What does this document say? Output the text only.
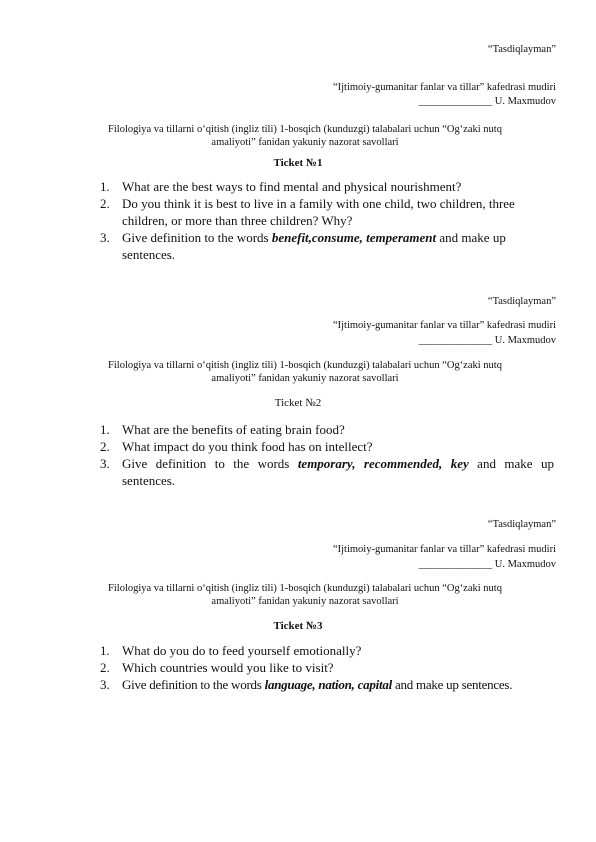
“Tasdiqlayman”
“Ijtimoiy-gumanitar fanlar va tillar” kafedrasi mudiri
______________ U. Maxmudov
Filologiya va tillarni oʻqitish (ingliz tili) 1-bosqich (kunduzgi) talabalari uchun “Ogʻzaki nutq
amaliyoti” fanidan yakuniy nazorat savollari
Ticket №1
1. What are the best ways to find mental and physical nourishment?
2. Do you think it is best to live in a family with one child, two children, three children, or more than three children? Why?
3. Give definition to the words benefit,consume, temperament and make up sentences.
“Tasdiqlayman”
“Ijtimoiy-gumanitar fanlar va tillar” kafedrasi mudiri
______________ U. Maxmudov
Filologiya va tillarni oʻqitish (ingliz tili) 1-bosqich (kunduzgi) talabalari uchun “Ogʻzaki nutq
amaliyoti” fanidan yakuniy nazorat savollari
Ticket №2
1. What are the benefits of eating brain food?
2. What impact do you think food has on intellect?
3. Give definition to the words temporary, recommended, key and make up sentences.
“Tasdiqlayman”
“Ijtimoiy-gumanitar fanlar va tillar” kafedrasi mudiri
______________ U. Maxmudov
Filologiya va tillarni oʻqitish (ingliz tili) 1-bosqich (kunduzgi) talabalari uchun “Ogʻzaki nutq
amaliyoti” fanidan yakuniy nazorat savollari
Ticket №3
1. What do you do to feed yourself emotionally?
2. Which countries would you like to visit?
3. Give definition to the words language, nation, capital and make up sentences.
